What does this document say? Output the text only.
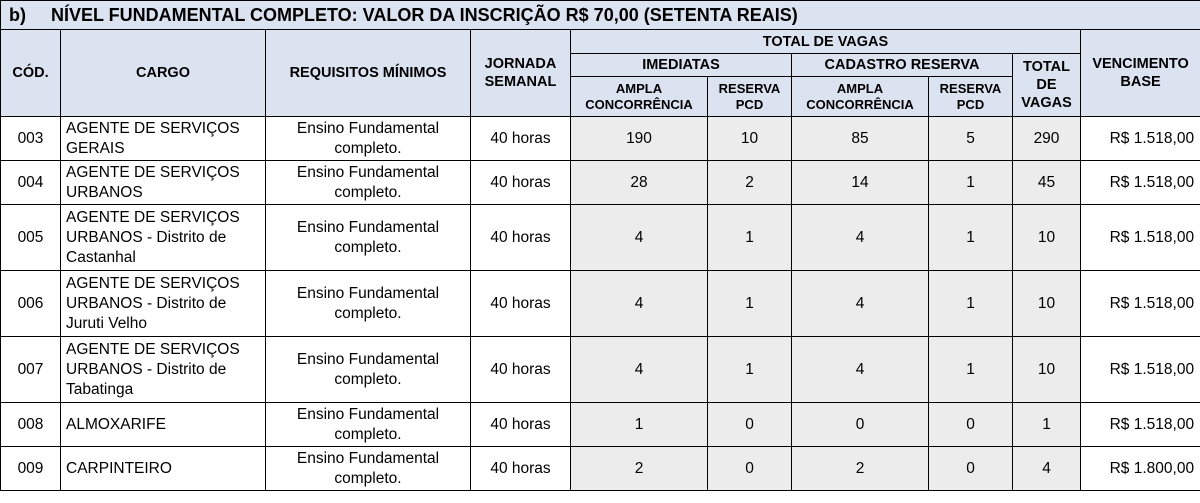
b) NÍVEL FUNDAMENTAL COMPLETO: VALOR DA INSCRIÇÃO R$ 70,00 (SETENTA REAIS)									
CÓD.	CARGO	REQUISITOS MÍNIMOS	JORNADA SEMANAL	TOTAL DE VAGAS					VENCIMENTO BASE
				IMEDIATAS		CADASTRO RESERVA		TOTAL DE VAGAS	
				AMPLA CONCORRÊNCIA	RESERVA PCD	AMPLA CONCORRÊNCIA	RESERVA PCD		
003	AGENTE DE SERVIÇOS GERAIS	Ensino Fundamental completo.	40 horas	190	10	85	5	290	R$ 1.518,00
004	AGENTE DE SERVIÇOS URBANOS	Ensino Fundamental completo.	40 horas	28	2	14	1	45	R$ 1.518,00
005	AGENTE DE SERVIÇOS URBANOS - Distrito de Castanhal	Ensino Fundamental completo.	40 horas	4	1	4	1	10	R$ 1.518,00
006	AGENTE DE SERVIÇOS URBANOS - Distrito de Juruti Velho	Ensino Fundamental completo.	40 horas	4	1	4	1	10	R$ 1.518,00
007	AGENTE DE SERVIÇOS URBANOS - Distrito de Tabatinga	Ensino Fundamental completo.	40 horas	4	1	4	1	10	R$ 1.518,00
008	ALMOXARIFE	Ensino Fundamental completo.	40 horas	1	0	0	0	1	R$ 1.518,00
009	CARPINTEIRO	Ensino Fundamental completo.	40 horas	2	0	2	0	4	R$ 1.800,00
